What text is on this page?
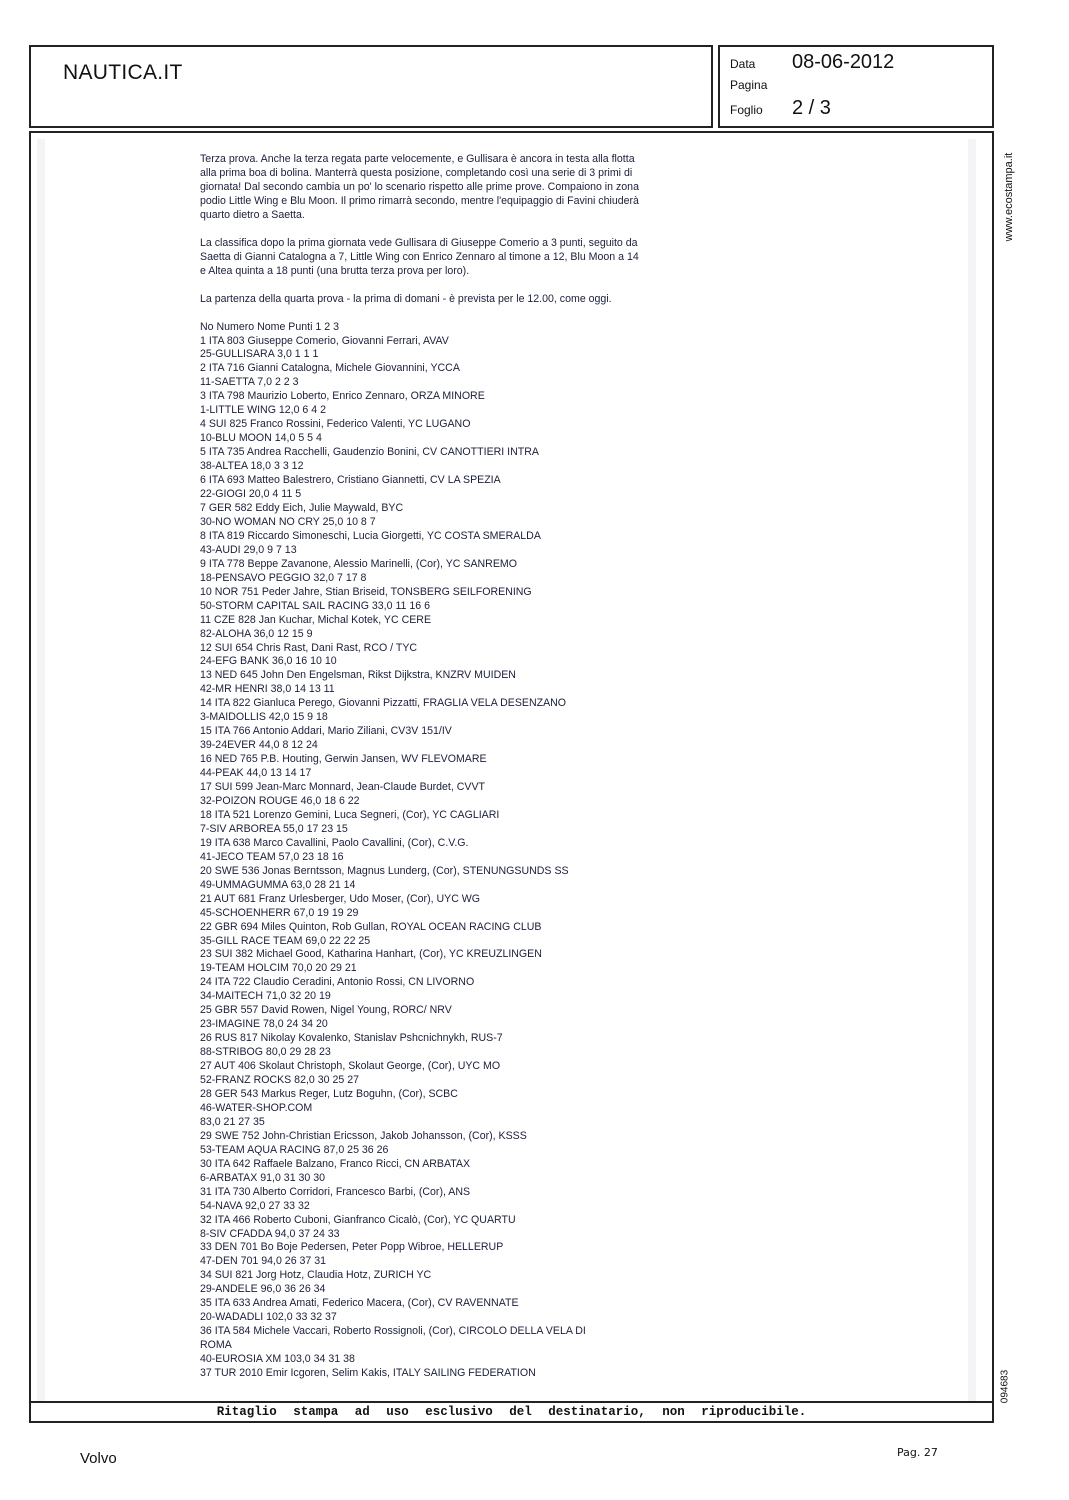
NAUTICA.IT	Data	08-06-2012
Pagina
Foglio	2 / 3

Terza prova. Anche la terza regata parte velocemente, e Gullisara è ancora in testa alla flotta alla prima boa di bolina. Manterrà questa posizione, completando così una serie di 3 primi di giornata! Dal secondo cambia un po' lo scenario rispetto alle prime prove. Compaiono in zona podio Little Wing e Blu Moon. Il primo rimarrà secondo, mentre l'equipaggio di Favini chiuderà quarto dietro a Saetta.

La classifica dopo la prima giornata vede Gullisara di Giuseppe Comerio a 3 punti, seguito da Saetta di Gianni Catalogna a 7, Little Wing con Enrico Zennaro al timone a 12, Blu Moon a 14 e Altea quinta a 18 punti (una brutta terza prova per loro).

La partenza della quarta prova - la prima di domani - è prevista per le 12.00, come oggi.

No Numero Nome Punti 1 2 3
1 ITA 803 Giuseppe Comerio, Giovanni Ferrari, AVAV
25-GULLISARA 3,0 1 1 1
2 ITA 716 Gianni Catalogna, Michele Giovannini, YCCA
11-SAETTA 7,0 2 2 3
3 ITA 798 Maurizio Loberto, Enrico Zennaro, ORZA MINORE
1-LITTLE WING 12,0 6 4 2
4 SUI 825 Franco Rossini, Federico Valenti, YC LUGANO
10-BLU MOON 14,0 5 5 4
5 ITA 735 Andrea Racchelli, Gaudenzio Bonini, CV CANOTTIERI INTRA
38-ALTEA 18,0 3 3 12
6 ITA 693 Matteo Balestrero, Cristiano Giannetti, CV LA SPEZIA
22-GIOGI 20,0 4 11 5
7 GER 582 Eddy Eich, Julie Maywald, BYC
30-NO WOMAN NO CRY 25,0 10 8 7
8 ITA 819 Riccardo Simoneschi, Lucia Giorgetti, YC COSTA SMERALDA
43-AUDI 29,0 9 7 13
9 ITA 778 Beppe Zavanone, Alessio Marinelli, (Cor), YC SANREMO
18-PENSAVO PEGGIO 32,0 7 17 8
10 NOR 751 Peder Jahre, Stian Briseid, TONSBERG SEILFORENING
50-STORM CAPITAL SAIL RACING 33,0 11 16 6
11 CZE 828 Jan Kuchar, Michal Kotek, YC CERE
82-ALOHA 36,0 12 15 9
12 SUI 654 Chris Rast, Dani Rast, RCO / TYC
24-EFG BANK 36,0 16 10 10
13 NED 645 John Den Engelsman, Rikst Dijkstra, KNZRV MUIDEN
42-MR HENRI 38,0 14 13 11
14 ITA 822 Gianluca Perego, Giovanni Pizzatti, FRAGLIA VELA DESENZANO
3-MAIDOLLIS 42,0 15 9 18
15 ITA 766 Antonio Addari, Mario Ziliani, CV3V 151/IV
39-24EVER 44,0 8 12 24
16 NED 765 P.B. Houting, Gerwin Jansen, WV FLEVOMARE
44-PEAK 44,0 13 14 17
17 SUI 599 Jean-Marc Monnard, Jean-Claude Burdet, CVVT
32-POIZON ROUGE 46,0 18 6 22
18 ITA 521 Lorenzo Gemini, Luca Segneri, (Cor), YC CAGLIARI
7-SIV ARBOREA 55,0 17 23 15
19 ITA 638 Marco Cavallini, Paolo Cavallini, (Cor), C.V.G.
41-JECO TEAM 57,0 23 18 16
20 SWE 536 Jonas Berntsson, Magnus Lunderg, (Cor), STENUNGSUNDS SS
49-UMMAGUMMA 63,0 28 21 14
21 AUT 681 Franz Urlesberger, Udo Moser, (Cor), UYC WG
45-SCHOENHERR 67,0 19 19 29
22 GBR 694 Miles Quinton, Rob Gullan, ROYAL OCEAN RACING CLUB
35-GILL RACE TEAM 69,0 22 22 25
23 SUI 382 Michael Good, Katharina Hanhart, (Cor), YC KREUZLINGEN
19-TEAM HOLCIM 70,0 20 29 21
24 ITA 722 Claudio Ceradini, Antonio Rossi, CN LIVORNO
34-MAITECH 71,0 32 20 19
25 GBR 557 David Rowen, Nigel Young, RORC/ NRV
23-IMAGINE 78,0 24 34 20
26 RUS 817 Nikolay Kovalenko, Stanislav Pshcnichnykh, RUS-7
88-STRIBOG 80,0 29 28 23
27 AUT 406 Skolaut Christoph, Skolaut George, (Cor), UYC MO
52-FRANZ ROCKS 82,0 30 25 27
28 GER 543 Markus Reger, Lutz Boguhn, (Cor), SCBC
46-WATER-SHOP.COM
83,0 21 27 35
29 SWE 752 John-Christian Ericsson, Jakob Johansson, (Cor), KSSS
53-TEAM AQUA RACING 87,0 25 36 26
30 ITA 642 Raffaele Balzano, Franco Ricci, CN ARBATAX
6-ARBATAX 91,0 31 30 30
31 ITA 730 Alberto Corridori, Francesco Barbi, (Cor), ANS
54-NAVA 92,0 27 33 32
32 ITA 466 Roberto Cuboni, Gianfranco Cicalò, (Cor), YC QUARTU
8-SIV CFADDA 94,0 37 24 33
33 DEN 701 Bo Boje Pedersen, Peter Popp Wibroe, HELLERUP
47-DEN 701 94,0 26 37 31
34 SUI 821 Jorg Hotz, Claudia Hotz, ZURICH YC
29-ANDELE 96,0 36 26 34
35 ITA 633 Andrea Amati, Federico Macera, (Cor), CV RAVENNATE
20-WADADLI 102,0 33 32 37
36 ITA 584 Michele Vaccari, Roberto Rossignoli, (Cor), CIRCOLO DELLA VELA DI
ROMA
40-EUROSIA XM 103,0 34 31 38
37 TUR 2010 Emir Icgoren, Selim Kakis, ITALY SAILING FEDERATION
Ritaglio stampa ad uso esclusivo del destinatario, non riproducibile.
www.ecostampa.it
094683
Volvo	Pag. 27
